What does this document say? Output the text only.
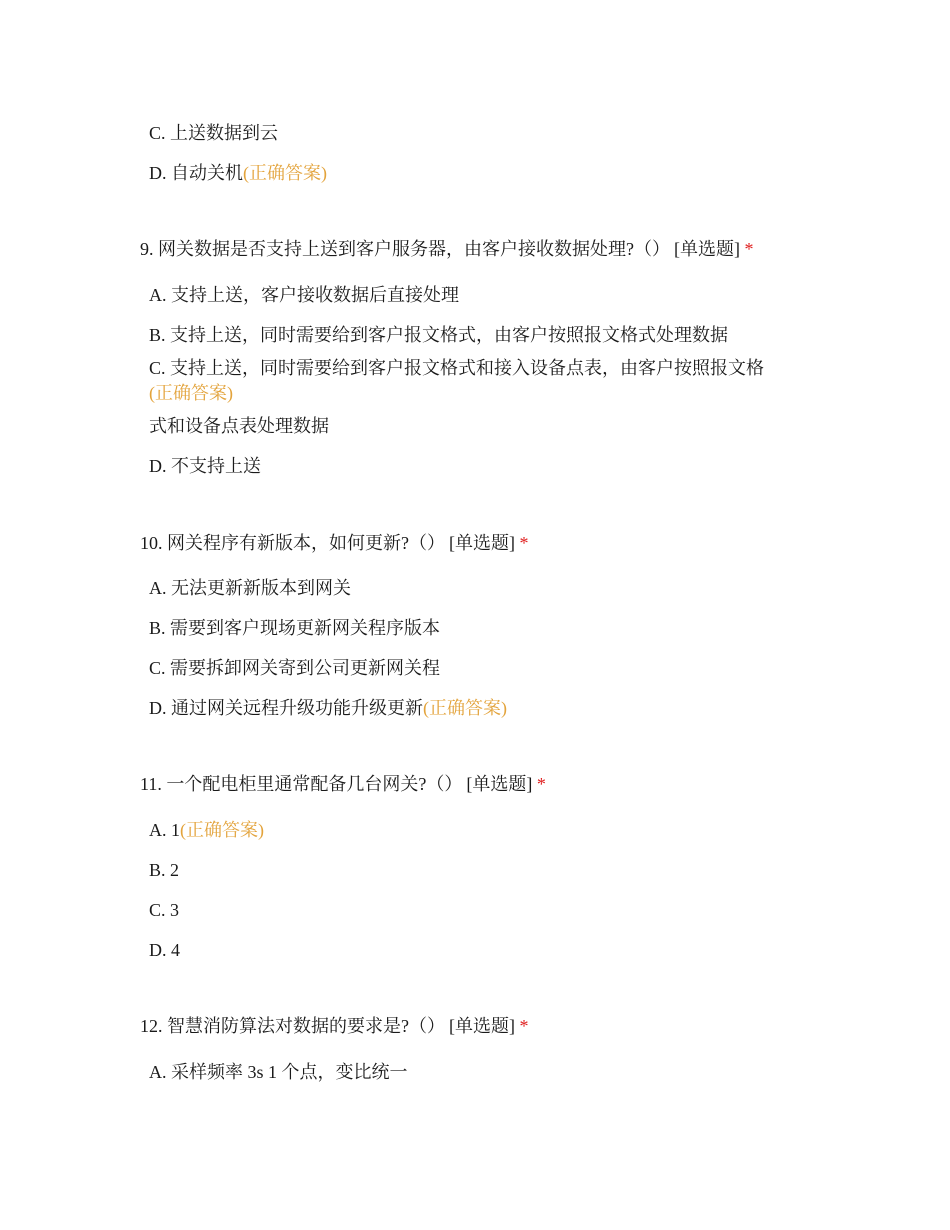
C. 上送数据到云
D. 自动关机(正确答案)
9. 网关数据是否支持上送到客户服务器，由客户接收数据处理?（） [单选题] *
A. 支持上送，客户接收数据后直接处理
B. 支持上送，同时需要给到客户报文格式，由客户按照报文格式处理数据
C. 支持上送，同时需要给到客户报文格式和接入设备点表，由客户按照报文格
(正确答案)
式和设备点表处理数据
D. 不支持上送
10. 网关程序有新版本，如何更新?（） [单选题] *
A. 无法更新新版本到网关
B. 需要到客户现场更新网关程序版本
C. 需要拆卸网关寄到公司更新网关程
D. 通过网关远程升级功能升级更新(正确答案)
11. 一个配电柜里通常配备几台网关?（） [单选题] *
A. 1(正确答案)
B. 2
C. 3
D. 4
12. 智慧消防算法对数据的要求是?（） [单选题] *
A. 采样频率 3s 1 个点，变比统一
